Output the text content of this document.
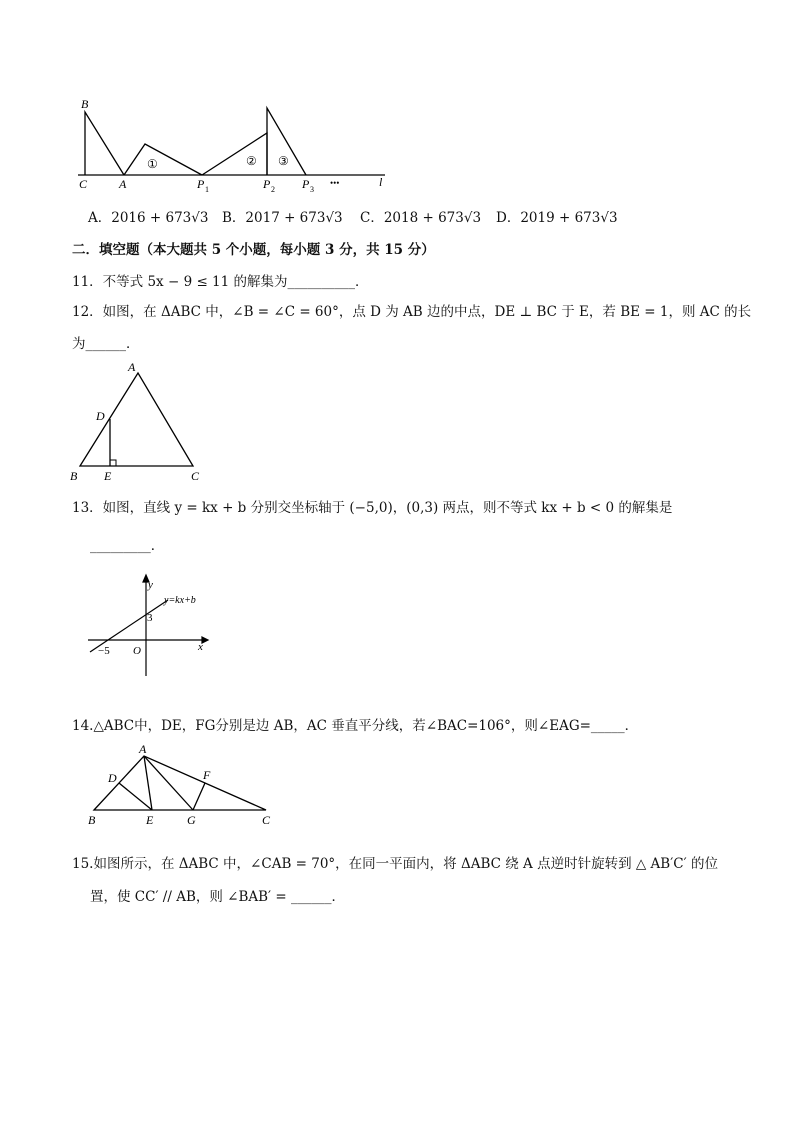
B
C	A	P 1	P 2 P 3
•••	l
①	② ③
A．2016 + 673√3 B．2017 + 673√3 C．2018 + 673√3 D．2019 + 673√3
二．填空题（本大题共 5 个小题，每小题 3 分，共 15 分）
11．不等式 5x − 9 ≤ 11 的解集为__________．
12．如图，在 ΔABC 中，∠B = ∠C = 60°，点 D 为 AB 边的中点，DE ⊥ BC 于 E，若 BE = 1，则 AC 的长
为______．
A
B	C
D
E
13．如图，直线 y = kx + b 分别交坐标轴于 (−5,0)，(0,3) 两点，则不等式 kx + b < 0 的解集是
_________．
y
x
y=kx+b
3
−5 O
14.△ABC中，DE，FG分别是边 AB，AC 垂直平分线，若∠BAC=106°，则∠EAG=_____．
A
B	C
D
E
F
G
15.如图所示，在 ΔABC 中，∠CAB = 70°，在同一平面内，将 ΔABC 绕 A 点逆时针旋转到 △ AB′C′ 的位
置，使 CC′ // AB，则 ∠BAB′ = ______．
